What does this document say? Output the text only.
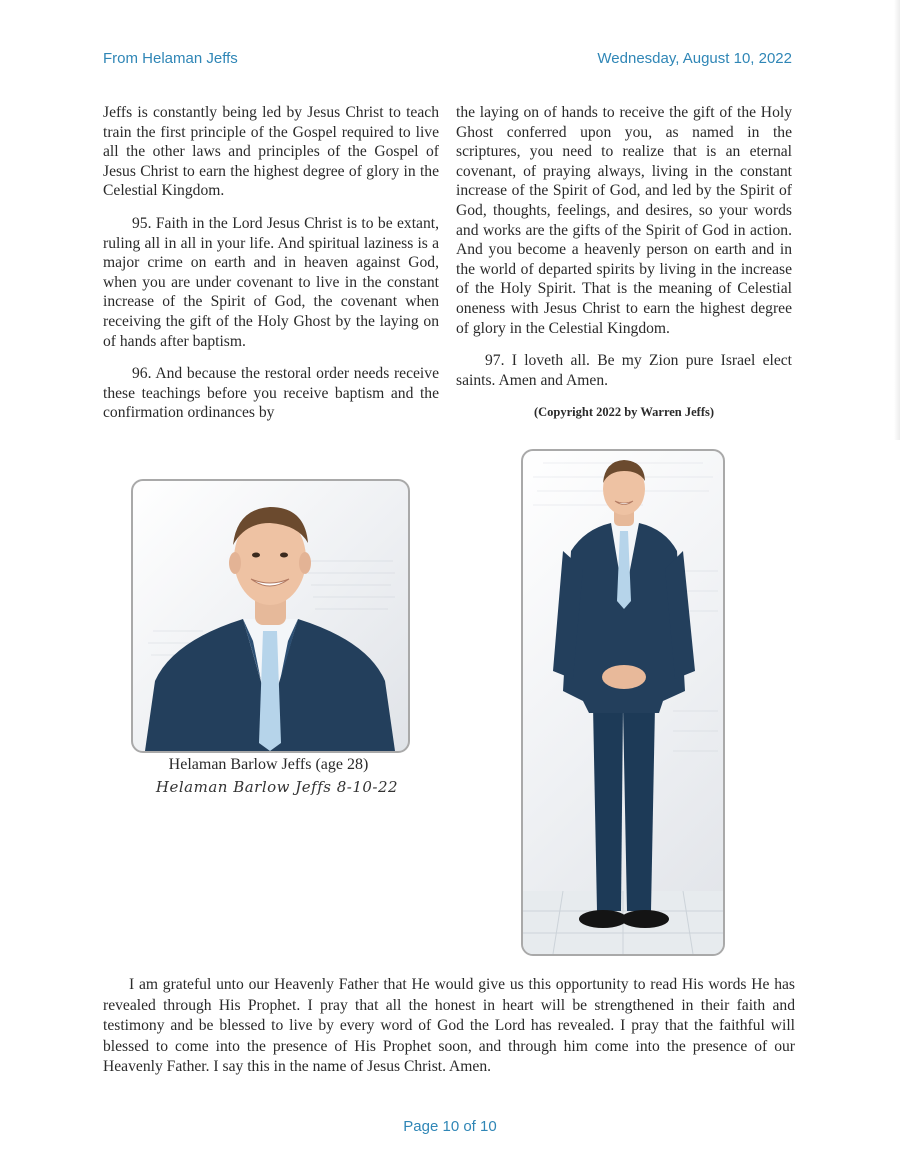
From Helaman Jeffs	Wednesday, August 10, 2022

Jeffs is constantly being led by Jesus Christ to teach train the first principle of the Gospel required to live all the other laws and principles of the Gospel of Jesus Christ to earn the highest degree of glory in the Celestial Kingdom.

95. Faith in the Lord Jesus Christ is to be extant, ruling all in all in your life. And spiritual laziness is a major crime on earth and in heaven against God, when you are under covenant to live in the constant increase of the Spirit of God, the covenant when receiving the gift of the Holy Ghost by the laying on of hands after baptism.

96. And because the restoral order needs receive these teachings before you receive baptism and the confirmation ordinances by

the laying on of hands to receive the gift of the Holy Ghost conferred upon you, as named in the scriptures, you need to realize that is an eternal covenant, of praying always, living in the constant increase of the Spirit of God, and led by the Spirit of God, thoughts, feelings, and desires, so your words and works are the gifts of the Spirit of God in action. And you become a heavenly person on earth and in the world of departed spirits by living in the increase of the Holy Spirit. That is the meaning of Celestial oneness with Jesus Christ to earn the highest degree of glory in the Celestial Kingdom.

97. I loveth all. Be my Zion pure Israel elect saints. Amen and Amen.

(Copyright 2022 by Warren Jeffs)
Helaman Barlow Jeffs (age 28)
Helaman Barlow Jeffs 8-10-22

I am grateful unto our Heavenly Father that He would give us this opportunity to read His words He has revealed through His Prophet. I pray that all the honest in heart will be strengthened in their faith and testimony and be blessed to live by every word of God the Lord has revealed. I pray that the faithful will blessed to come into the presence of His Prophet soon, and through him come into the presence of our Heavenly Father. I say this in the name of Jesus Christ. Amen.

Page 10 of 10
